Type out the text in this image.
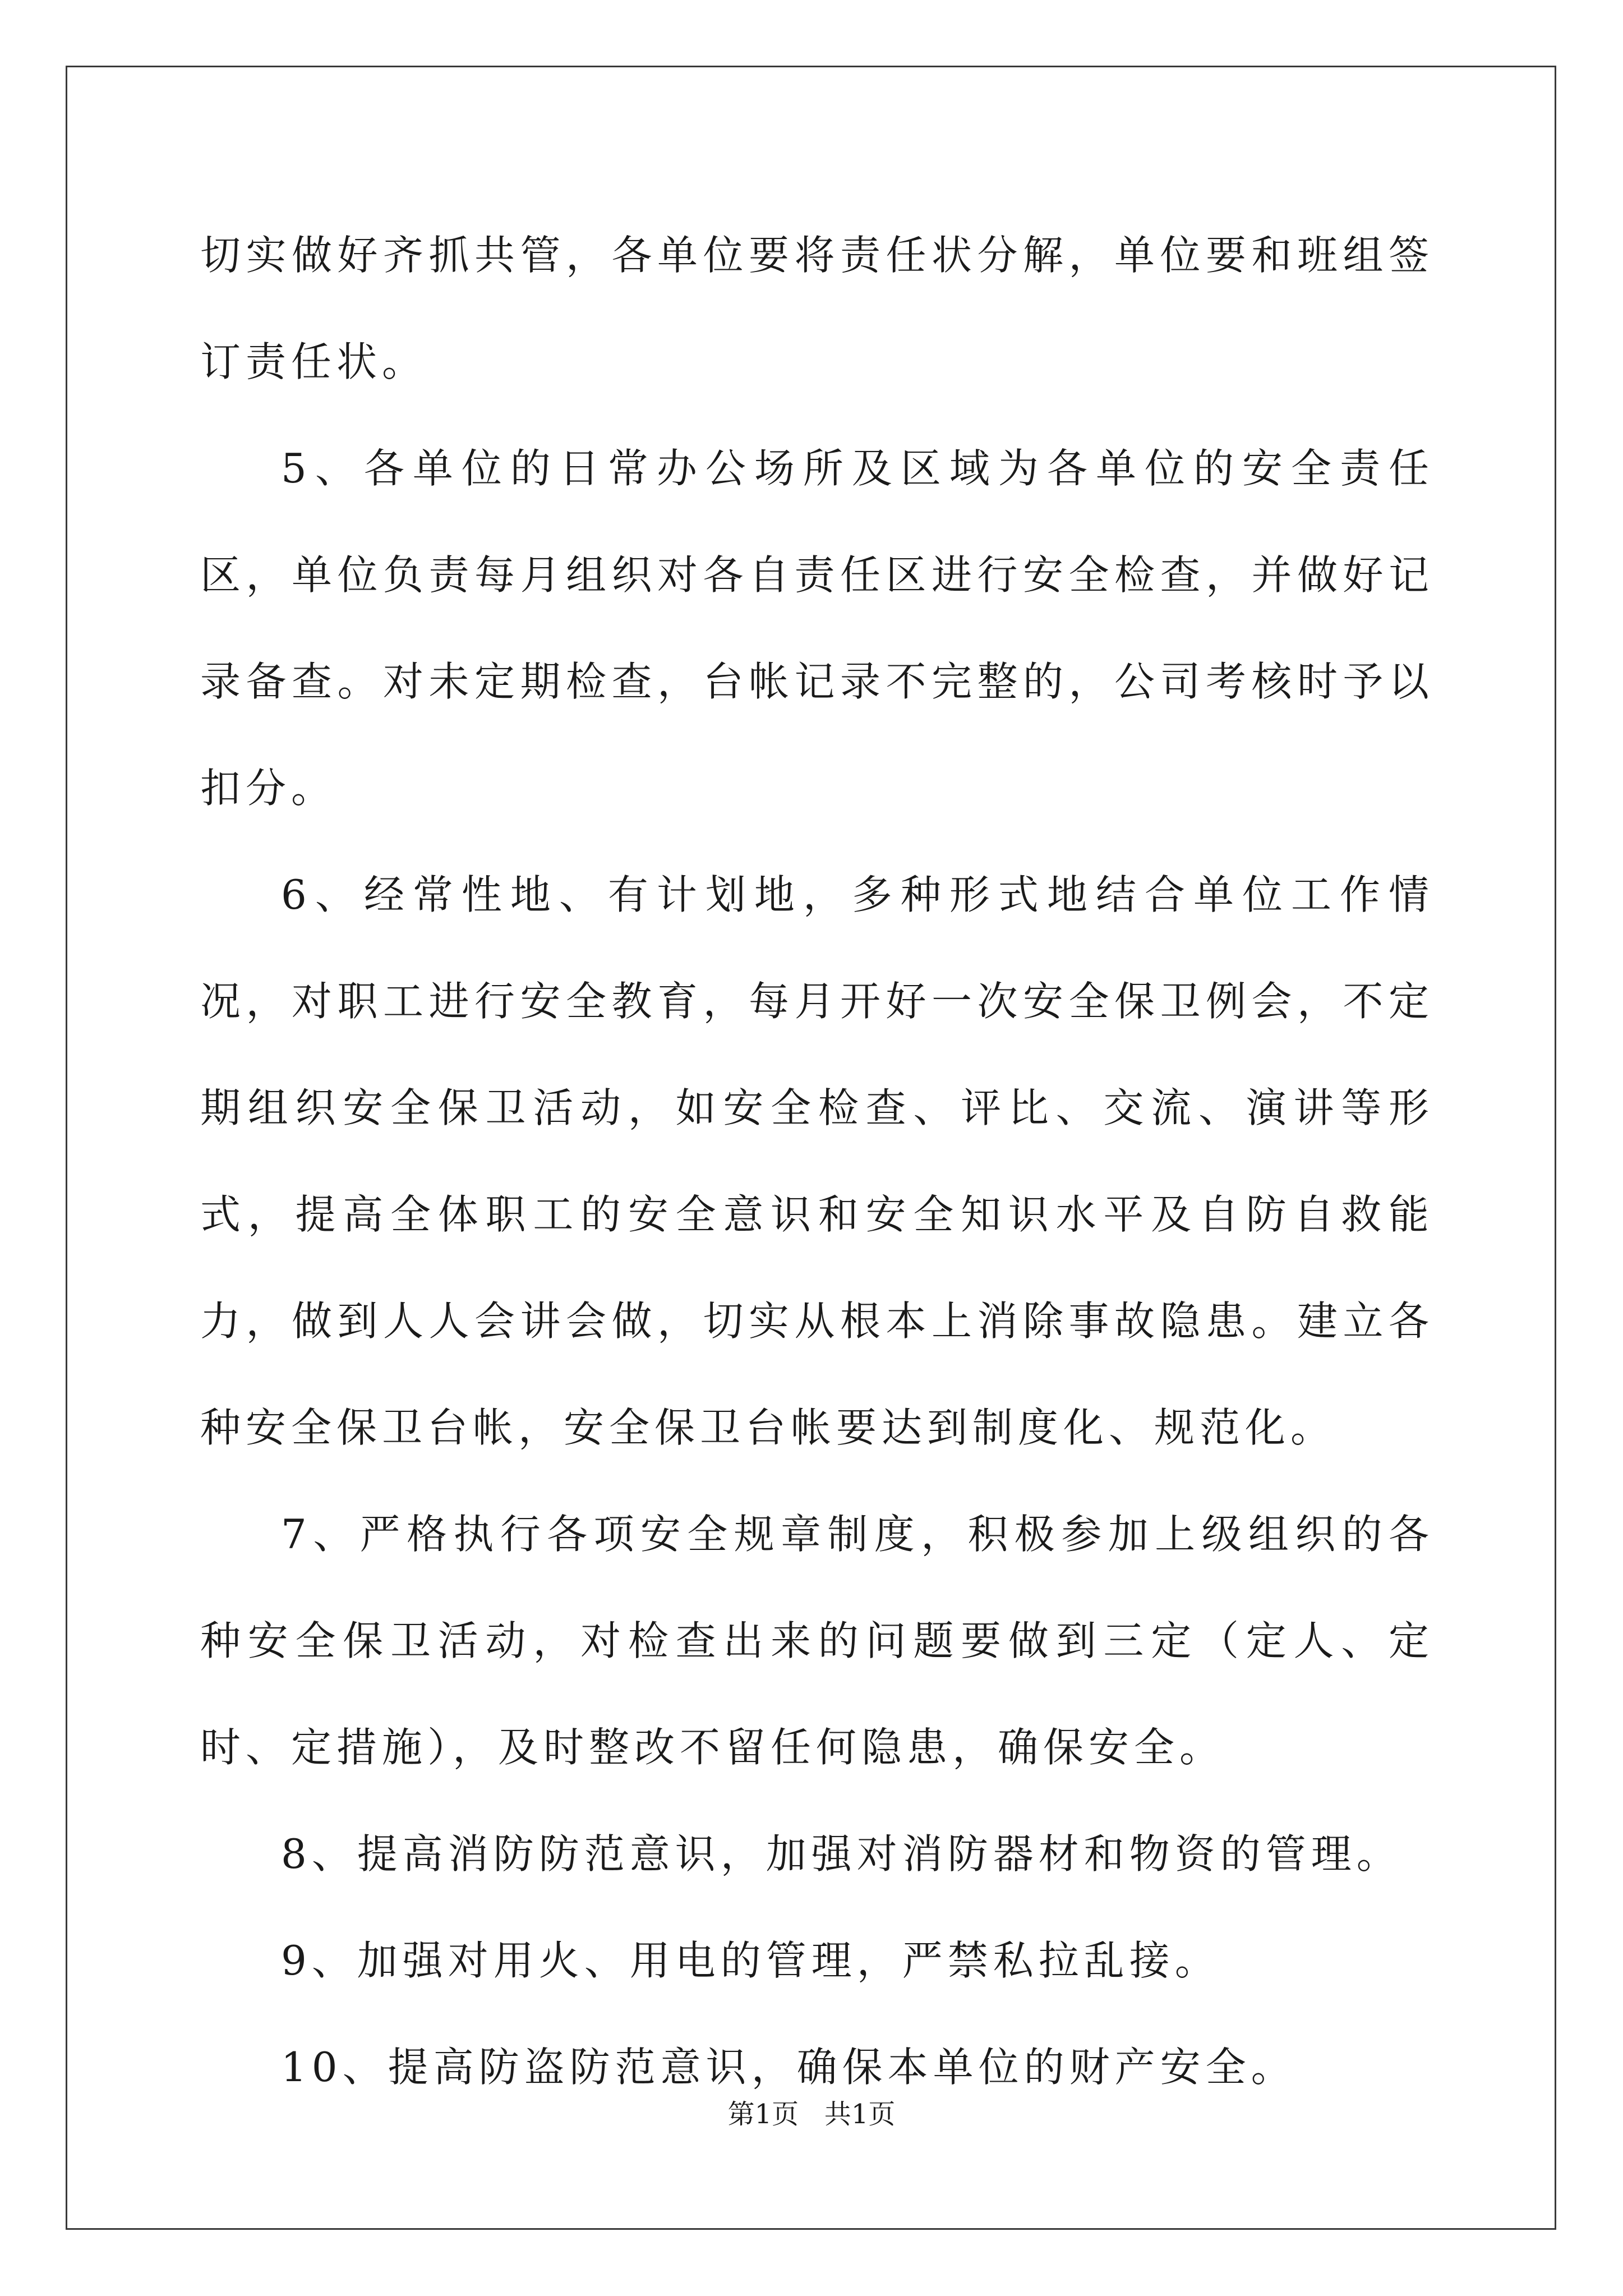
切实做好齐抓共管，各单位要将责任状分解，单位要和班组签订责任状。

5、各单位的日常办公场所及区域为各单位的安全责任区，单位负责每月组织对各自责任区进行安全检查，并做好记录备查。对未定期检查，台帐记录不完整的，公司考核时予以扣分。

6、经常性地、有计划地，多种形式地结合单位工作情况，对职工进行安全教育，每月开好一次安全保卫例会，不定期组织安全保卫活动，如安全检查、评比、交流、演讲等形式，提高全体职工的安全意识和安全知识水平及自防自救能力，做到人人会讲会做，切实从根本上消除事故隐患。建立各种安全保卫台帐，安全保卫台帐要达到制度化、规范化。

7、严格执行各项安全规章制度，积极参加上级组织的各种安全保卫活动，对检查出来的问题要做到三定（定人、定时、定措施），及时整改不留任何隐患，确保安全。

8、提高消防防范意识，加强对消防器材和物资的管理。

9、加强对用火、用电的管理，严禁私拉乱接。

10、提高防盗防范意识，确保本单位的财产安全。

第1页   共1页
